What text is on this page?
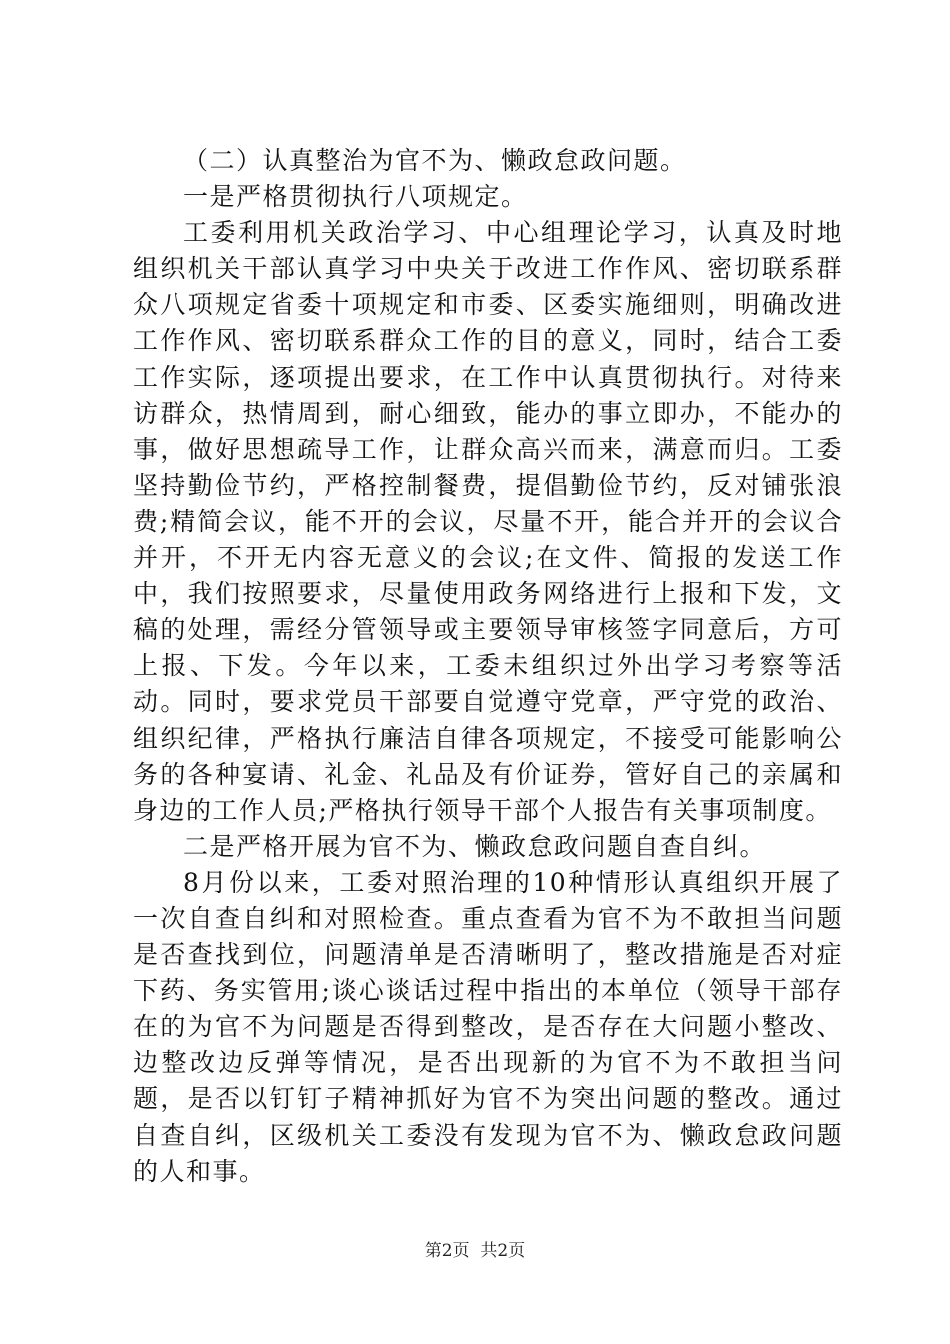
（二）认真整治为官不为、懒政怠政问题。

一是严格贯彻执行八项规定。

工委利用机关政治学习、中心组理论学习，认真及时地组织机关干部认真学习中央关于改进工作作风、密切联系群众八项规定省委十项规定和市委、区委实施细则，明确改进工作作风、密切联系群众工作的目的意义，同时，结合工委工作实际，逐项提出要求，在工作中认真贯彻执行。对待来访群众，热情周到，耐心细致，能办的事立即办，不能办的事，做好思想疏导工作，让群众高兴而来，满意而归。工委坚持勤俭节约，严格控制餐费，提倡勤俭节约，反对铺张浪费;精简会议，能不开的会议，尽量不开，能合并开的会议合并开，不开无内容无意义的会议;在文件、简报的发送工作中，我们按照要求，尽量使用政务网络进行上报和下发，文稿的处理，需经分管领导或主要领导审核签字同意后，方可上报、下发。今年以来，工委未组织过外出学习考察等活动。同时，要求党员干部要自觉遵守党章，严守党的政治、组织纪律，严格执行廉洁自律各项规定，不接受可能影响公务的各种宴请、礼金、礼品及有价证券，管好自己的亲属和身边的工作人员;严格执行领导干部个人报告有关事项制度。

二是严格开展为官不为、懒政怠政问题自查自纠。

8月份以来，工委对照治理的10种情形认真组织开展了一次自查自纠和对照检查。重点查看为官不为不敢担当问题是否查找到位，问题清单是否清晰明了，整改措施是否对症下药、务实管用;谈心谈话过程中指出的本单位（领导干部存在的为官不为问题是否得到整改，是否存在大问题小整改、边整改边反弹等情况，是否出现新的为官不为不敢担当问题，是否以钉钉子精神抓好为官不为突出问题的整改。通过自查自纠，区级机关工委没有发现为官不为、懒政怠政问题的人和事。

第2页  共2页
